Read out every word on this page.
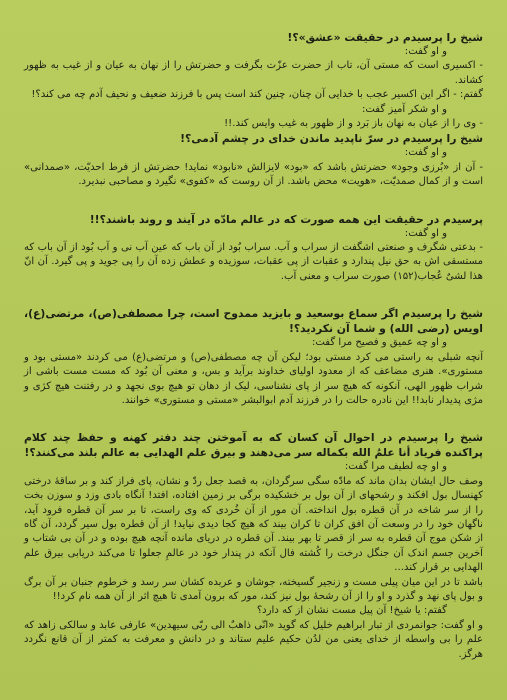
شیخ را پرسیدم در حقیقت «عشق»؟!

و او گفت:

- اکسیری است که مستی آن، تاب از حضرت عزّت بگرفت و حضرتش را از نهان به عیان و از غیب به ظهور کشاند.

گفتم: - اگر این اکسیر عجب با خدایی آن چنان، چنین کند است پس با فرزند ضعیف و نحیف آدم چه می کند؟!

و او شکر آمیز گفت:

- وی را از عیان به نهان باز بَرد و از ظهور به غیب وایس کند.!!

شیخ را پرسیدم در سرّ ناپدید ماندن خدای در چشم آدمی؟!

و او گفت:

- آن از «بُرزی وجود» حضرتش باشد که «بود» لایزالش «نابود» نماید! حضرتش از فرط احدیّت، «صمدانی» است و از کمال صمدیّت، «هویت» محض باشد. از آن روست که «کفوی» نگیرد و مصاحبی نبدیرد.

پرسیدم در حقیقت این همه صورت که در عالم مادّه در آیند و روند باشند؟!!

و او گفت:

- بدعتی شگرف و صنعتی اشگفت از سراب و آب. سراب بُود از آن باب که عین آب نی و آب بُود از آن باب که مستسقی اش به حق نیل پندارد و عقبات از پی عقبات، سوزیده و عطش زده آن را پی جوید و پی گیرد. آن انّ هذا لشیٌ عُجاب(۱۵۲) صورت سراب و معنی آب.

شیخ را پرسیدم اگر سماع بوسعید و بایزید ممدوح است، چرا مصطفی(ص)، مرتضی(ع)، اویس (رضی الله) و شما آن نکردید؟!

و او چه عمیق و فصیح مرا گفت:

آنچه شبلی به راستی می کرد مستی بود؛ لیکن آن چه مصطفی(ص) و مرتضی(ع) می کردند «مستی بود و مستوری». هنری مضاعف که از معدود اولیای خداوند برآید و بس، و معنی آن بُود که مست مست باشی از شراب ظهور الهی، آنکونه که هیچ سر از پای نشناسی، لیک از دهان تو هیچ بوی نجهد و در رفتنت هیچ کژی و مژی پدیدار نابد!! این نادره حالت را در فرزند آدم ابوالبشر «مستی و مستوری» خوانند.

شیخ را پرسیدم در احوال آن کسان که به آموختن چند دفتر کهنه و حفظ چند کلام پراکنده فریاد أنا علمُ الله بکماله سر می‌دهند و بیرق علم الهدایی به عالم بلند می‌کنند؟!

و او چه لطیف مرا گفت:

وصف حال ایشان بدان ماند که مادّه سگی سرگردان، به قصد جعل ردّ و نشان، پای فراز کند و بر ساقهٔ درختی کهنسال بول افکند و رشحهای از آن بول بر خشکیده برگی بر زمین افتاده، افتد! آنگاه بادی وزد و سوزن بخت را از سر شاخه در آن قطره بول انداخته. آن مور از آن خُردی که وی راست، تا بر سر آن قطره فرود آید، ناگهان خود را در وسعت آن افق کران تا کران بیند که هیچ کجا دیدی نیاید! از آن قطره بول سیر گردد، آن گاه از شکن موج آن قطره به سر از قصر تا بهر بیند. آن قطره در دریای مانده آنچه هیچ بوده و در آن بی شتاب و آخرین جسم اندک آن جنگل درخت را کُشته فال آنکه در پندار خود در عالمِ جعلوا تا می‌کند دریابی بیرق علم الهدایی بر قرار کند...

باشد تا در این میان پیلی مست و زنجیر گسیخته، جوشان و عربده کشان سر رسد و خرطوم جنبان بر آن برگ و بول پای نهد و گذرد و او را از آن رشحهٔ بول نیز کند، مور که برون آمدی تا هیچ اثر از آن همه نام کرد!!

گفتم: یا شیخ! آن پیل مست نشان از که دارد؟

و او گفت: جوانمردی از تبار ابراهیم خلیل که گوید «انّی ذاهبٌ الی ربّی سیهدین» عارفی عابد و سالکی زاهد که علم را بی واسطه از خدای یعنی من لدُن حکیم علیم ستاند و در دانش و معرفت به کمتر از آن قانع نگردد هرگز.
